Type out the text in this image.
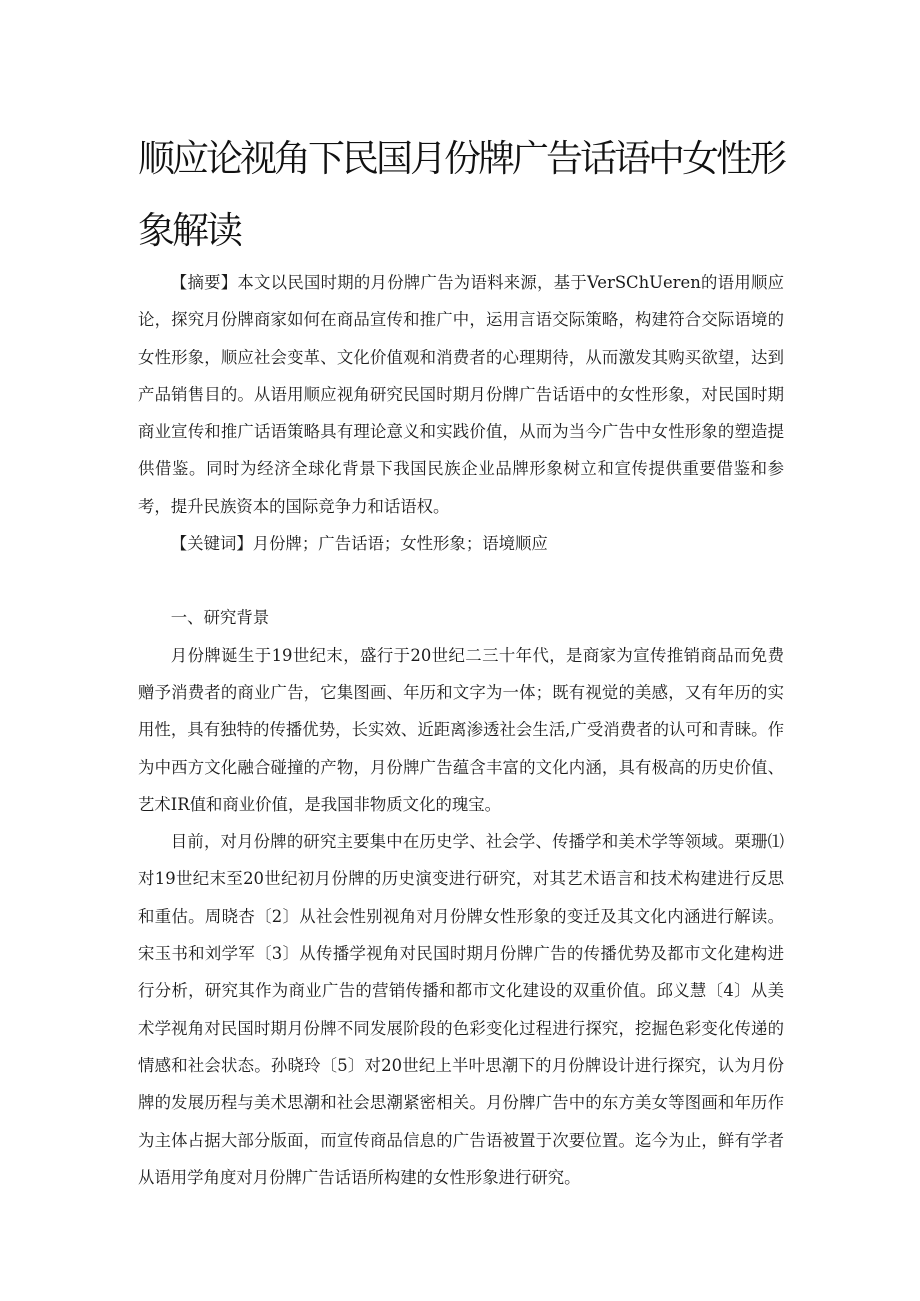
顺应论视角下民国月份牌广告话语中女性形
象解读

【摘要】本文以民国时期的月份牌广告为语料来源，基于VerSChUeren的语用顺应论，探究月份牌商家如何在商品宣传和推广中，运用言语交际策略，构建符合交际语境的女性形象，顺应社会变革、文化价值观和消费者的心理期待，从而激发其购买欲望，达到产品销售目的。从语用顺应视角研究民国时期月份牌广告话语中的女性形象，对民国时期商业宣传和推广话语策略具有理论意义和实践价值，从而为当今广告中女性形象的塑造提供借鉴。同时为经济全球化背景下我国民族企业品牌形象树立和宣传提供重要借鉴和参考，提升民族资本的国际竞争力和话语权。

【关键词】月份牌；广告话语；女性形象；语境顺应

一、研究背景

月份牌诞生于19世纪末，盛行于20世纪二三十年代，是商家为宣传推销商品而免费赠予消费者的商业广告，它集图画、年历和文字为一体；既有视觉的美感，又有年历的实用性，具有独特的传播优势，长实效、近距离渗透社会生活,广受消费者的认可和青睐。作为中西方文化融合碰撞的产物，月份牌广告蕴含丰富的文化内涵，具有极高的历史价值、艺术IR值和商业价值，是我国非物质文化的瑰宝。

目前，对月份牌的研究主要集中在历史学、社会学、传播学和美术学等领域。栗珊⑴对19世纪末至20世纪初月份牌的历史演变进行研究，对其艺术语言和技术构建进行反思和重估。周晓杏〔2〕从社会性别视角对月份牌女性形象的变迁及其文化内涵进行解读。宋玉书和刘学军〔3〕从传播学视角对民国时期月份牌广告的传播优势及都市文化建构进行分析，研究其作为商业广告的营销传播和都市文化建设的双重价值。邱义慧〔4〕从美术学视角对民国时期月份牌不同发展阶段的色彩变化过程进行探究，挖掘色彩变化传递的情感和社会状态。孙晓玲〔5〕对20世纪上半叶思潮下的月份牌设计进行探究，认为月份牌的发展历程与美术思潮和社会思潮紧密相关。月份牌广告中的东方美女等图画和年历作为主体占据大部分版面，而宣传商品信息的广告语被置于次要位置。迄今为止，鲜有学者从语用学角度对月份牌广告话语所构建的女性形象进行研究。
